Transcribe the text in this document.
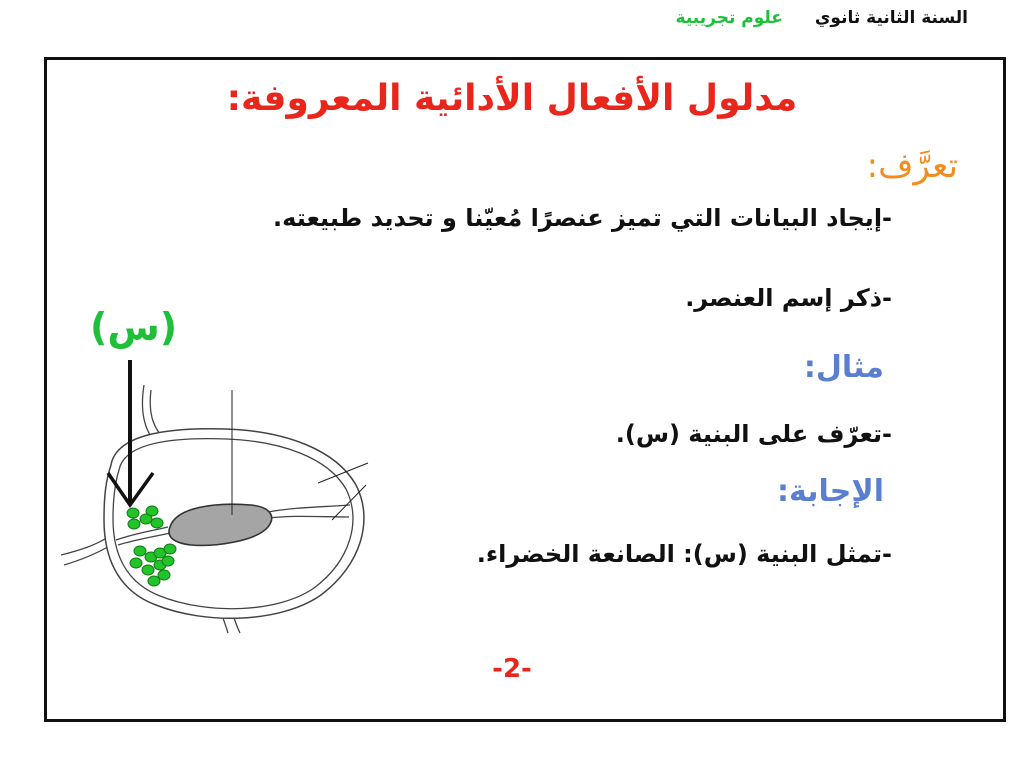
السنة الثانية ثانوي علوم تجريبية
مدلول الأفعال الأدائية المعروفة:
تعرَّف:
-إيجاد البيانات التي تميز عنصرًا مُعيّنا و تحديد طبيعته.
-ذكر إسم العنصر.
مثال:
-تعرّف على البنية (س).
الإجابة:
-تمثل البنية (س): الصانعة الخضراء.
(س)
-2-
